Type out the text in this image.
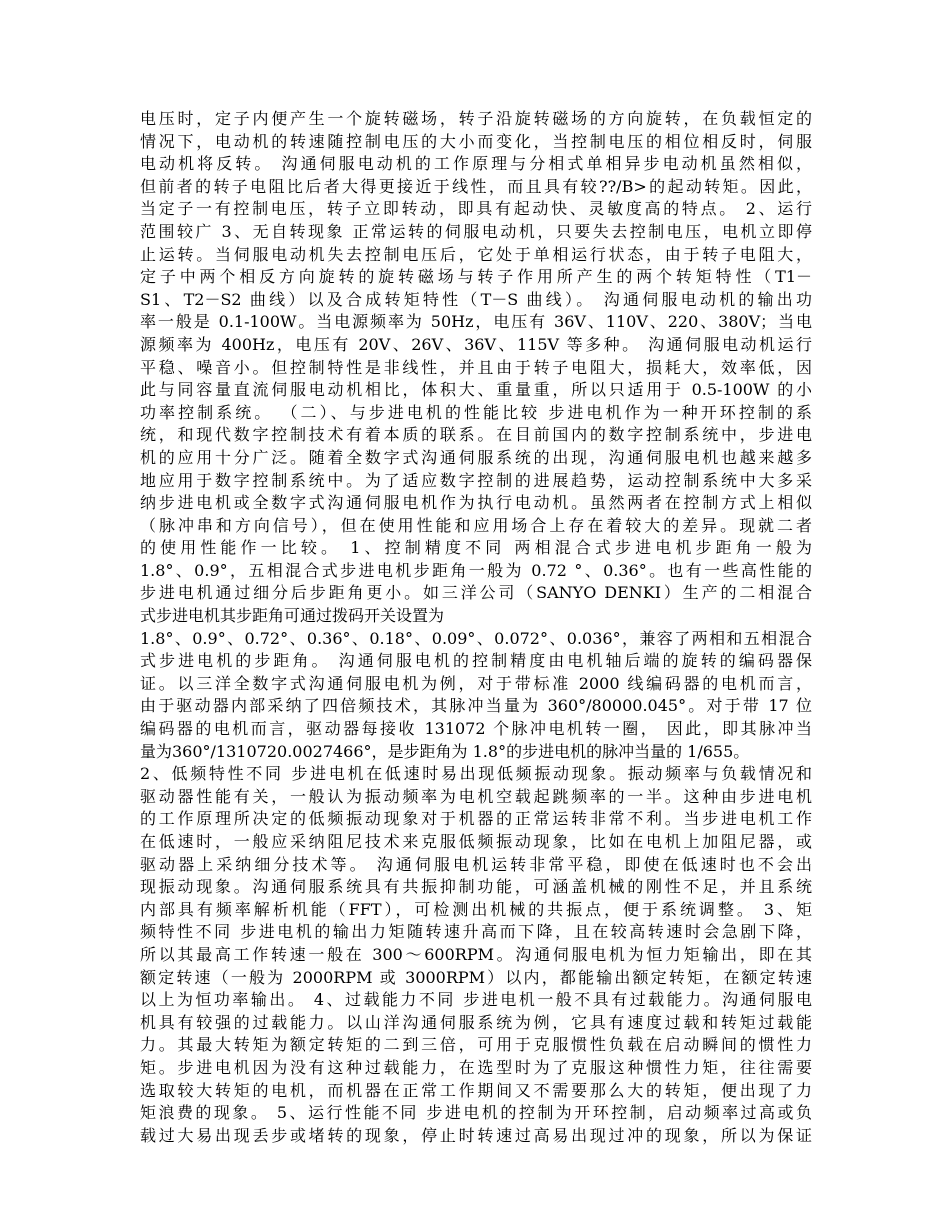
电压时，定子内便产生一个旋转磁场，转子沿旋转磁场的方向旋转，在负载恒定的
情况下，电动机的转速随控制电压的大小而变化，当控制电压的相位相反时，伺服
电动机将反转。 沟通伺服电动机的工作原理与分相式单相异步电动机虽然相似，
但前者的转子电阻比后者大得更接近于线性，而且具有较??/B>的起动转矩。因此，
当定子一有控制电压，转子立即转动，即具有起动快、灵敏度高的特点。 2、运行
范围较广 3、无自转现象 正常运转的伺服电动机，只要失去控制电压，电机立即停
止运转。当伺服电动机失去控制电压后，它处于单相运行状态，由于转子电阻大，
定子中两个相反方向旋转的旋转磁场与转子作用所产生的两个转矩特性（T1－
S1、T2－S2 曲线）以及合成转矩特性（T－S 曲线）。 沟通伺服电动机的输出功
率一般是 0.1-100W。当电源频率为 50Hz，电压有 36V、110V、220、380V；当电
源频率为 400Hz，电压有 20V、26V、36V、115V 等多种。 沟通伺服电动机运行
平稳、噪音小。但控制特性是非线性，并且由于转子电阻大，损耗大，效率低，因
此与同容量直流伺服电动机相比，体积大、重量重，所以只适用于 0.5-100W 的小
功率控制系统。 （二）、与步进电机的性能比较 步进电机作为一种开环控制的系
统，和现代数字控制技术有着本质的联系。在目前国内的数字控制系统中，步进电
机的应用十分广泛。随着全数字式沟通伺服系统的出现，沟通伺服电机也越来越多
地应用于数字控制系统中。为了适应数字控制的进展趋势，运动控制系统中大多采
纳步进电机或全数字式沟通伺服电机作为执行电动机。虽然两者在控制方式上相似
（脉冲串和方向信号），但在使用性能和应用场合上存在着较大的差异。现就二者
的使用性能作一比较。 1、控制精度不同 两相混合式步进电机步距角一般为
1.8°、0.9°，五相混合式步进电机步距角一般为 0.72 °、0.36°。也有一些高性能的
步进电机通过细分后步距角更小。如三洋公司（SANYO DENKI）生产的二相混合
式步进电机其步距角可通过拨码开关设置为
1.8°、0.9°、0.72°、0.36°、0.18°、0.09°、0.072°、0.036°，兼容了两相和五相混合
式步进电机的步距角。 沟通伺服电机的控制精度由电机轴后端的旋转的编码器保
证。以三洋全数字式沟通伺服电机为例，对于带标准 2000 线编码器的电机而言，
由于驱动器内部采纳了四倍频技术，其脉冲当量为 360°/80000.045°。对于带 17 位
编码器的电机而言，驱动器每接收 131072 个脉冲电机转一圈， 因此，即其脉冲当
量为360°/1310720.0027466°，是步距角为 1.8°的步进电机的脉冲当量的 1/655。
2、低频特性不同 步进电机在低速时易出现低频振动现象。振动频率与负载情况和
驱动器性能有关，一般认为振动频率为电机空载起跳频率的一半。这种由步进电机
的工作原理所决定的低频振动现象对于机器的正常运转非常不利。当步进电机工作
在低速时，一般应采纳阻尼技术来克服低频振动现象，比如在电机上加阻尼器，或
驱动器上采纳细分技术等。 沟通伺服电机运转非常平稳，即使在低速时也不会出
现振动现象。沟通伺服系统具有共振抑制功能，可涵盖机械的刚性不足，并且系统
内部具有频率解析机能（FFT），可检测出机械的共振点，便于系统调整。 3、矩
频特性不同 步进电机的输出力矩随转速升高而下降，且在较高转速时会急剧下降，
所以其最高工作转速一般在 300～600RPM。沟通伺服电机为恒力矩输出，即在其
额定转速（一般为 2000RPM 或 3000RPM）以内，都能输出额定转矩，在额定转速
以上为恒功率输出。 4、过载能力不同 步进电机一般不具有过载能力。沟通伺服电
机具有较强的过载能力。以山洋沟通伺服系统为例，它具有速度过载和转矩过载能
力。其最大转矩为额定转矩的二到三倍，可用于克服惯性负载在启动瞬间的惯性力
矩。步进电机因为没有这种过载能力，在选型时为了克服这种惯性力矩，往往需要
选取较大转矩的电机，而机器在正常工作期间又不需要那么大的转矩，便出现了力
矩浪费的现象。 5、运行性能不同 步进电机的控制为开环控制，启动频率过高或负
载过大易出现丢步或堵转的现象，停止时转速过高易出现过冲的现象，所以为保证
